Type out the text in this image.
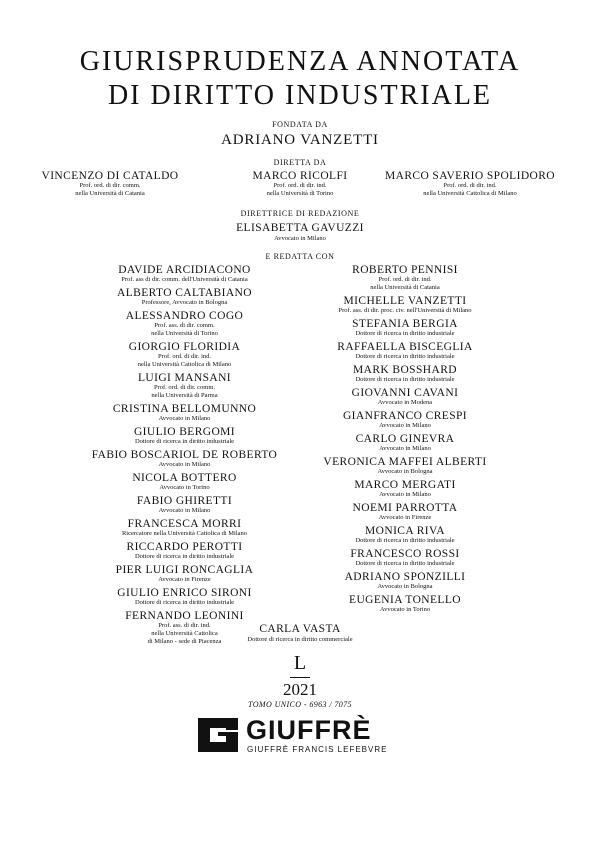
GIURISPRUDENZA ANNOTATA
DI DIRITTO INDUSTRIALE
FONDATA DA
ADRIANO VANZETTI
DIRETTA DA
VINCENZO DI CATALDO
Prof. ord. di dir. comm.
nella Università di Catania
MARCO RICOLFI
Prof. ord. di dir. ind.
nella Università di Torino
MARCO SAVERIO SPOLIDORO
Prof. ord. di dir. ind.
nella Università Cattolica di Milano
DIRETTRICE DI REDAZIONE
ELISABETTA GAVUZZI
Avvocato in Milano
E REDATTA CON
DAVIDE ARCIDIACONO
Prof. ass di dir. comm. dell'Università di Catania
ALBERTO CALTABIANO
Professore, Avvocato in Bologna
ALESSANDRO COGO
Prof. ass. di dir. comm.
nella Università di Torino
GIORGIO FLORIDIA
Prof. ord. di dir. ind.
nella Università Cattolica di Milano
LUIGI MANSANI
Prof. ord. di dir. comm.
nella Università di Parma
CRISTINA BELLOMUNNO
Avvocato in Milano
GIULIO BERGOMI
Dottore di ricerca in diritto industriale
FABIO BOSCARIOL DE ROBERTO
Avvocato in Milano
NICOLA BOTTERO
Avvocato in Torino
FABIO GHIRETTI
Avvocato in Milano
FRANCESCA MORRI
Ricercatore nella Università Cattolica di Milano
RICCARDO PEROTTI
Dottore di ricerca in diritto industriale
PIER LUIGI RONCAGLIA
Avvocato in Firenze
GIULIO ENRICO SIRONI
Dottore di ricerca in diritto industriale
FERNANDO LEONINI
Prof. ass. di dir. ind.
nella Università Cattolica
di Milano - sede di Piacenza
ROBERTO PENNISI
Prof. ord. di dir. ind.
nella Università di Catania
MICHELLE VANZETTI
Prof. ass. di dir. proc. civ. nell'Università di Milano
STEFANIA BERGIA
Dottore di ricerca in diritto industriale
RAFFAELLA BISCEGLIA
Dottore di ricerca in diritto industriale
MARK BOSSHARD
Dottore di ricerca in diritto industriale
GIOVANNI CAVANI
Avvocato in Modena
GIANFRANCO CRESPI
Avvocato in Milano
CARLO GINEVRA
Avvocato in Milano
VERONICA MAFFEI ALBERTI
Avvocato in Bologna
MARCO MERGATI
Avvocato in Milano
NOEMI PARROTTA
Avvocato in Firenze
MONICA RIVA
Dottore di ricerca in diritto industriale
FRANCESCO ROSSI
Dottore di ricerca in diritto industriale
ADRIANO SPONZILLI
Avvocato in Bologna
EUGENIA TONELLO
Avvocato in Torino
CARLA VASTA
Dottore di ricerca in diritto commerciale
L
2021
TOMO UNICO - 6963 / 7075
GIUFFRÈ
GIUFFRÈ FRANCIS LEFEBVRE
